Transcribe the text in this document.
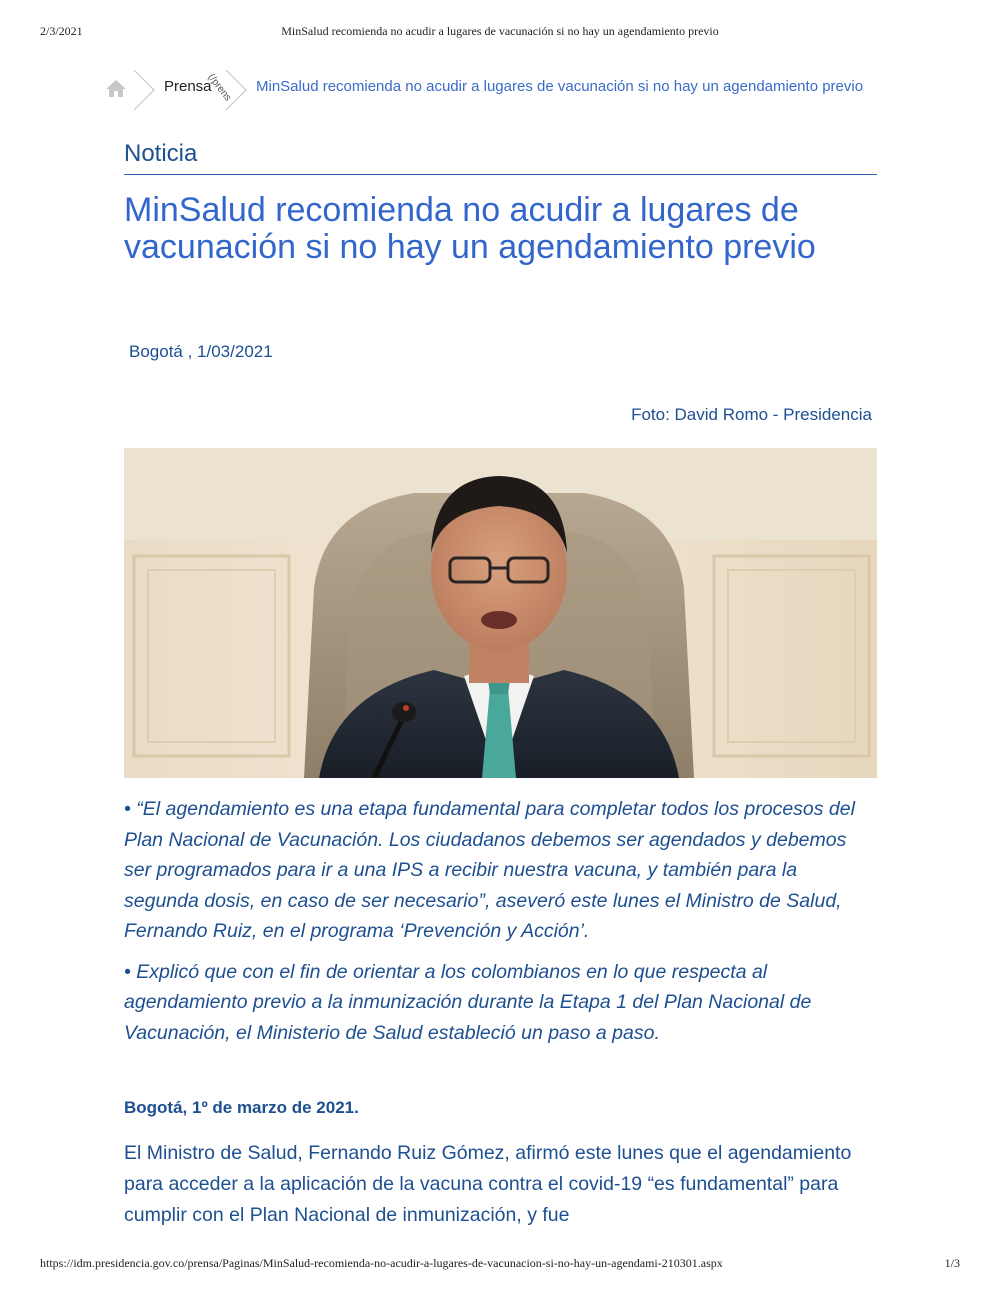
2/3/2021	MinSalud recomienda no acudir a lugares de vacunación si no hay un agendamiento previo
Prensa
(/prens MinSalud recomienda no acudir a lugares de vacunación si no hay un agendamiento previo
Noticia
MinSalud recomienda no acudir a lugares de vacunación si no hay un agendamiento previo
Bogotá , 1/03/2021
Foto: David Romo - Presidencia

• “El agendamiento es una etapa fundamental para completar todos los procesos del Plan Nacional de Vacunación. Los ciudadanos debemos ser agendados y debemos ser programados para ir a una IPS a recibir nuestra vacuna, y también para la segunda dosis, en caso de ser necesario”, aseveró este lunes el Ministro de Salud, Fernando Ruiz, en el programa ‘Prevención y Acción’.

• Explicó que con el fin de orientar a los colombianos en lo que respecta al agendamiento previo a la inmunización durante la Etapa 1 del Plan Nacional de Vacunación, el Ministerio de Salud estableció un paso a paso.

Bogotá, 1º de marzo de 2021.

El Ministro de Salud, Fernando Ruiz Gómez, afirmó este lunes que el agendamiento para acceder a la aplicación de la vacuna contra el covid-19 “es fundamental” para cumplir con el Plan Nacional de inmunización, y fue

https://idm.presidencia.gov.co/prensa/Paginas/MinSalud-recomienda-no-acudir-a-lugares-de-vacunacion-si-no-hay-un-agendami-210301.aspx	1/3
